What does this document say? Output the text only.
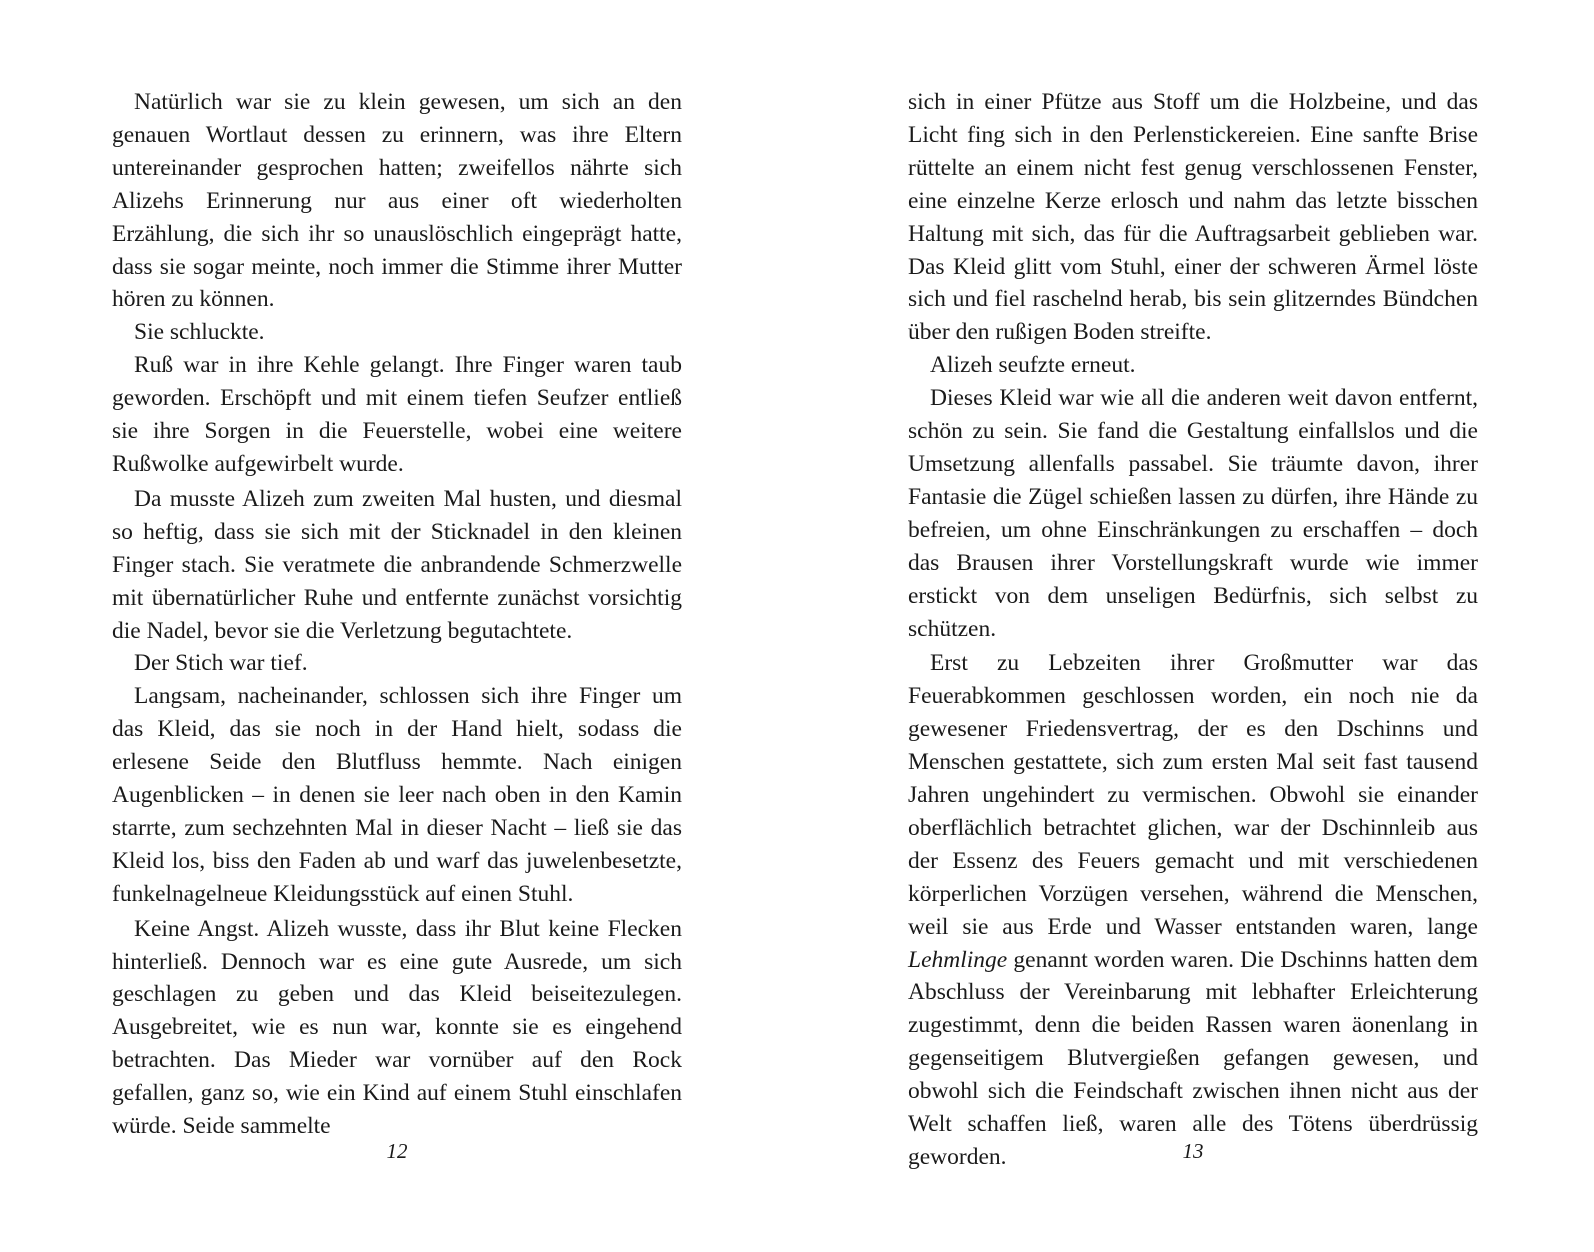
Natürlich war sie zu klein gewesen, um sich an den genauen Wortlaut dessen zu erinnern, was ihre Eltern untereinander gesprochen hatten; zweifellos nährte sich Alizehs Erinnerung nur aus einer oft wiederholten Erzählung, die sich ihr so unauslöschlich eingeprägt hatte, dass sie sogar meinte, noch immer die Stimme ihrer Mutter hören zu können.

Sie schluckte.

Ruß war in ihre Kehle gelangt. Ihre Finger waren taub geworden. Erschöpft und mit einem tiefen Seufzer entließ sie ihre Sorgen in die Feuerstelle, wobei eine weitere Rußwolke aufgewirbelt wurde.

Da musste Alizeh zum zweiten Mal husten, und diesmal so heftig, dass sie sich mit der Sticknadel in den kleinen Finger stach. Sie veratmete die anbrandende Schmerzwelle mit übernatürlicher Ruhe und entfernte zunächst vorsichtig die Nadel, bevor sie die Verletzung begutachtete.

Der Stich war tief.

Langsam, nacheinander, schlossen sich ihre Finger um das Kleid, das sie noch in der Hand hielt, sodass die erlesene Seide den Blutfluss hemmte. Nach einigen Augenblicken – in denen sie leer nach oben in den Kamin starrte, zum sechzehnten Mal in dieser Nacht – ließ sie das Kleid los, biss den Faden ab und warf das juwelenbesetzte, funkelnagelneue Kleidungsstück auf einen Stuhl.

Keine Angst. Alizeh wusste, dass ihr Blut keine Flecken hinterließ. Dennoch war es eine gute Ausrede, um sich geschlagen zu geben und das Kleid beiseitezulegen. Ausgebreitet, wie es nun war, konnte sie es eingehend betrachten. Das Mieder war vornüber auf den Rock gefallen, ganz so, wie ein Kind auf einem Stuhl einschlafen würde. Seide sammelte

12

sich in einer Pfütze aus Stoff um die Holzbeine, und das Licht fing sich in den Perlenstickereien. Eine sanfte Brise rüttelte an einem nicht fest genug verschlossenen Fenster, eine einzelne Kerze erlosch und nahm das letzte bisschen Haltung mit sich, das für die Auftragsarbeit geblieben war. Das Kleid glitt vom Stuhl, einer der schweren Ärmel löste sich und fiel raschelnd herab, bis sein glitzerndes Bündchen über den rußigen Boden streifte.

Alizeh seufzte erneut.

Dieses Kleid war wie all die anderen weit davon entfernt, schön zu sein. Sie fand die Gestaltung einfallslos und die Umsetzung allenfalls passabel. Sie träumte davon, ihrer Fantasie die Zügel schießen lassen zu dürfen, ihre Hände zu befreien, um ohne Einschränkungen zu erschaffen – doch das Brausen ihrer Vorstellungskraft wurde wie immer erstickt von dem unseligen Bedürfnis, sich selbst zu schützen.

Erst zu Lebzeiten ihrer Großmutter war das Feuerabkommen geschlossen worden, ein noch nie da gewesener Friedensvertrag, der es den Dschinns und Menschen gestattete, sich zum ersten Mal seit fast tausend Jahren ungehindert zu vermischen. Obwohl sie einander oberflächlich betrachtet glichen, war der Dschinnleib aus der Essenz des Feuers gemacht und mit verschiedenen körperlichen Vorzügen versehen, während die Menschen, weil sie aus Erde und Wasser entstanden waren, lange Lehmlinge genannt worden waren. Die Dschinns hatten dem Abschluss der Vereinbarung mit lebhafter Erleichterung zugestimmt, denn die beiden Rassen waren äonenlang in gegenseitigem Blutvergießen gefangen gewesen, und obwohl sich die Feindschaft zwischen ihnen nicht aus der Welt schaffen ließ, waren alle des Tötens überdrüssig geworden.	13
